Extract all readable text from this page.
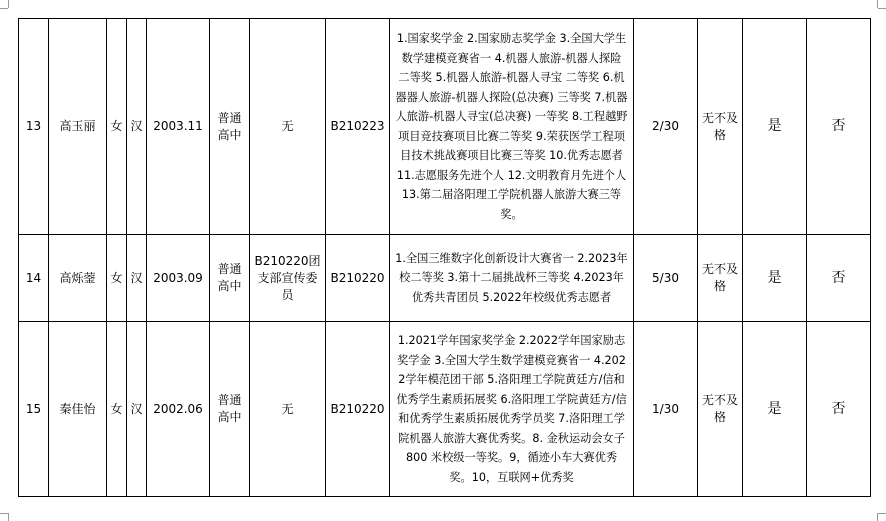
13	高玉丽	女	汉	2003.11	普通高中	无	B210223	1.国家奖学金 2.国家励志奖学金 3.全国大学生数学建模竞赛省一 4.机器人旅游-机器人探险 二等奖 5.机器人旅游-机器人寻宝 二等奖 6.机器器人旅游-机器人探险(总决赛) 三等奖 7.机器人旅游-机器人寻宝(总决赛) 一等奖 8.工程越野项目竞技赛项目比赛二等奖 9.荣获医学工程项目技术挑战赛项目比赛三等奖 10.优秀志愿者 11.志愿服务先进个人 12.文明教育月先进个人 13.第二届洛阳理工学院机器人旅游大赛三等奖。	2/30	无不及格	是	否
14	高烁蓥	女	汉	2003.09	普通高中	B210220团支部宣传委员	B210220	1.全国三维数字化创新设计大赛省一 2.2023年校二等奖 3.第十二届挑战杯三等奖 4.2023年优秀共青团员 5.2022年校级优秀志愿者	5/30	无不及格	是	否
15	秦佳怡	女	汉	2002.06	普通高中	无	B210220	1.2021学年国家奖学金 2.2022学年国家励志奖学金 3.全国大学生数学建模竞赛省一 4.2022学年模范团干部 5.洛阳理工学院黄廷方/信和优秀学生素质拓展奖 6.洛阳理工学院黄廷方/信和优秀学生素质拓展优秀学员奖 7.洛阳理工学院机器人旅游大赛优秀奖。8. 金秋运动会女子 800 米校级一等奖。9，循迹小车大赛优秀奖。10，互联网+优秀奖	1/30	无不及格	是	否
